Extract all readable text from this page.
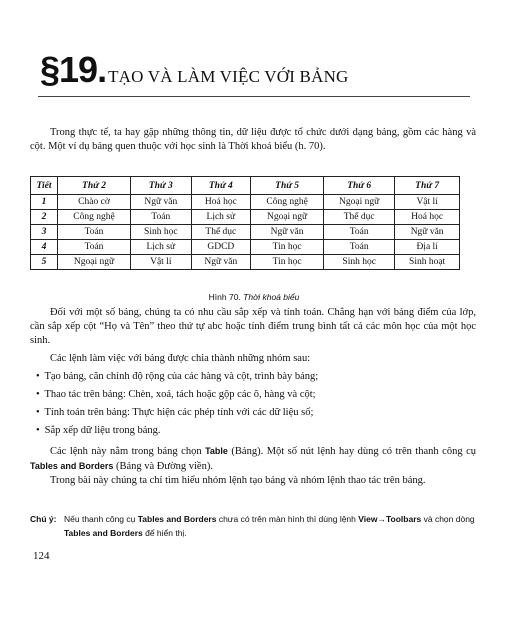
§19. TẠO VÀ LÀM VIỆC VỚI BẢNG

Trong thực tế, ta hay gặp những thông tin, dữ liệu được tổ chức dưới dạng bảng, gồm các hàng và cột. Một ví dụ bảng quen thuộc với học sinh là Thời khoá biểu (h. 70).

Tiết	Thứ 2	Thứ 3	Thứ 4	Thứ 5	Thứ 6	Thứ 7
1	Chào cờ	Ngữ văn	Hoá học	Công nghệ	Ngoại ngữ	Vật lí
2	Công nghệ	Toán	Lịch sử	Ngoại ngữ	Thể dục	Hoá học
3	Toán	Sinh học	Thể dục	Ngữ văn	Toán	Ngữ văn
4	Toán	Lịch sử	GDCD	Tin học	Toán	Địa lí
5	Ngoại ngữ	Vật lí	Ngữ văn	Tin học	Sinh học	Sinh hoạt
Hình 70. Thời khoá biểu

Đối với một số bảng, chúng ta có nhu cầu sắp xếp và tính toán. Chẳng hạn với bảng điểm của lớp, cần sắp xếp cột “Họ và Tên” theo thứ tự abc hoặc tính điểm trung bình tất cả các môn học của một học sinh.

Các lệnh làm việc với bảng được chia thành những nhóm sau:

• Tạo bảng, căn chỉnh độ rộng của các hàng và cột, trình bày bảng;
• Thao tác trên bảng: Chèn, xoá, tách hoặc gộp các ô, hàng và cột;
• Tính toán trên bảng: Thực hiện các phép tính với các dữ liệu số;
• Sắp xếp dữ liệu trong bảng.

Các lệnh này nằm trong bảng chọn Table (Bảng). Một số nút lệnh hay dùng có trên thanh công cụ Tables and Borders (Bảng và Đường viền).

Trong bài này chúng ta chỉ tìm hiểu nhóm lệnh tạo bảng và nhóm lệnh thao tác trên bảng.

Chú ý: Nếu thanh công cụ Tables and Borders chưa có trên màn hình thì dùng lệnh View→Toolbars và chọn dòng Tables and Borders để hiển thị.
124
